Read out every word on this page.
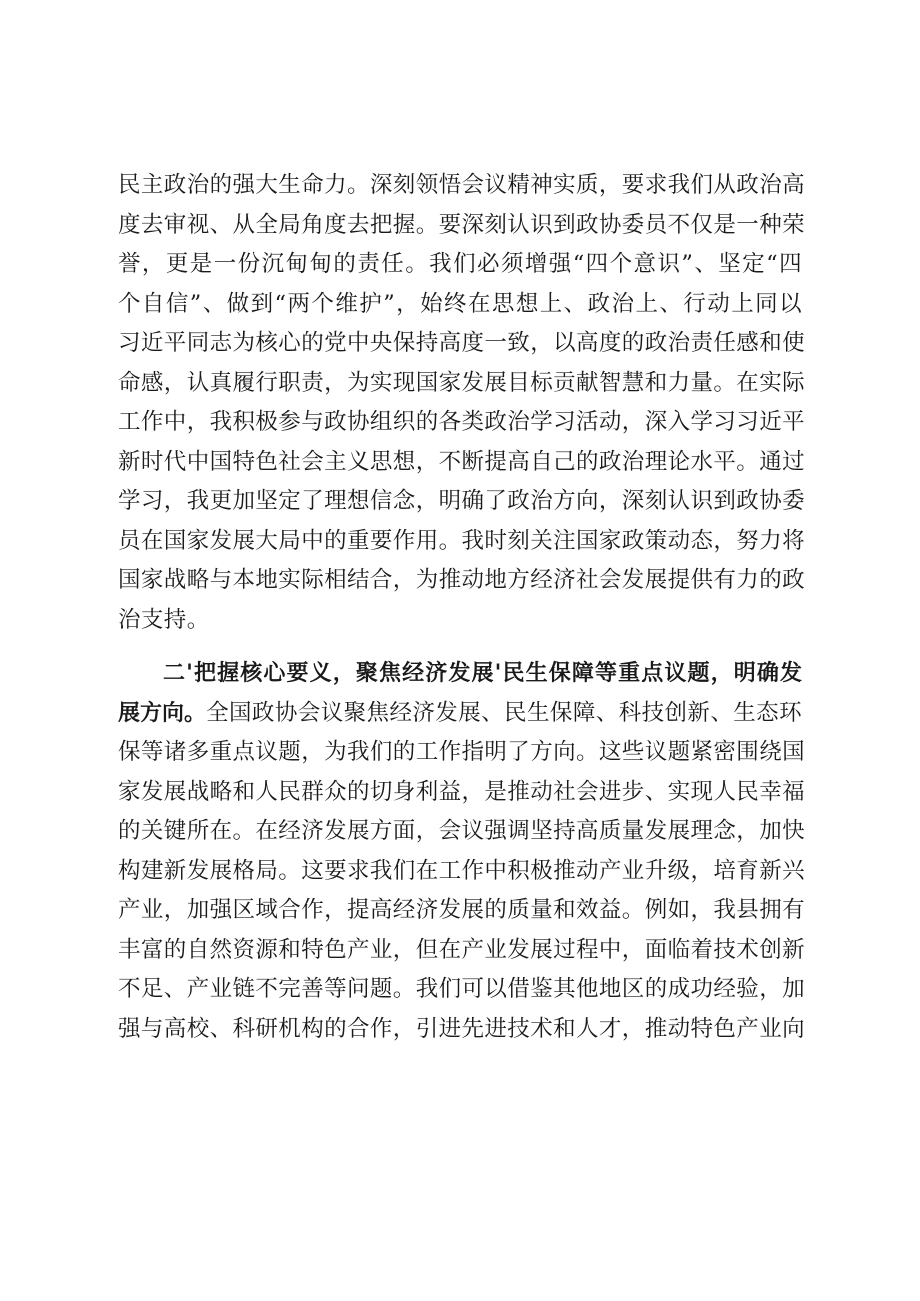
民主政治的强大生命力。深刻领悟会议精神实质，要求我们从政治高
度去审视、从全局角度去把握。要深刻认识到政协委员不仅是一种荣
誉，更是一份沉甸甸的责任。我们必须增强“四个意识”、坚定“四
个自信”、做到“两个维护”，始终在思想上、政治上、行动上同以
习近平同志为核心的党中央保持高度一致，以高度的政治责任感和使
命感，认真履行职责，为实现国家发展目标贡献智慧和力量。在实际
工作中，我积极参与政协组织的各类政治学习活动，深入学习习近平
新时代中国特色社会主义思想，不断提高自己的政治理论水平。通过
学习，我更加坚定了理想信念，明确了政治方向，深刻认识到政协委
员在国家发展大局中的重要作用。我时刻关注国家政策动态，努力将
国家战略与本地实际相结合，为推动地方经济社会发展提供有力的政
治支持。
二'把握核心要义，聚焦经济发展'民生保障等重点议题，明确发
展方向。全国政协会议聚焦经济发展、民生保障、科技创新、生态环
保等诸多重点议题，为我们的工作指明了方向。这些议题紧密围绕国
家发展战略和人民群众的切身利益，是推动社会进步、实现人民幸福
的关键所在。在经济发展方面，会议强调坚持高质量发展理念，加快
构建新发展格局。这要求我们在工作中积极推动产业升级，培育新兴
产业，加强区域合作，提高经济发展的质量和效益。例如，我县拥有
丰富的自然资源和特色产业，但在产业发展过程中，面临着技术创新
不足、产业链不完善等问题。我们可以借鉴其他地区的成功经验，加
强与高校、科研机构的合作，引进先进技术和人才，推动特色产业向
